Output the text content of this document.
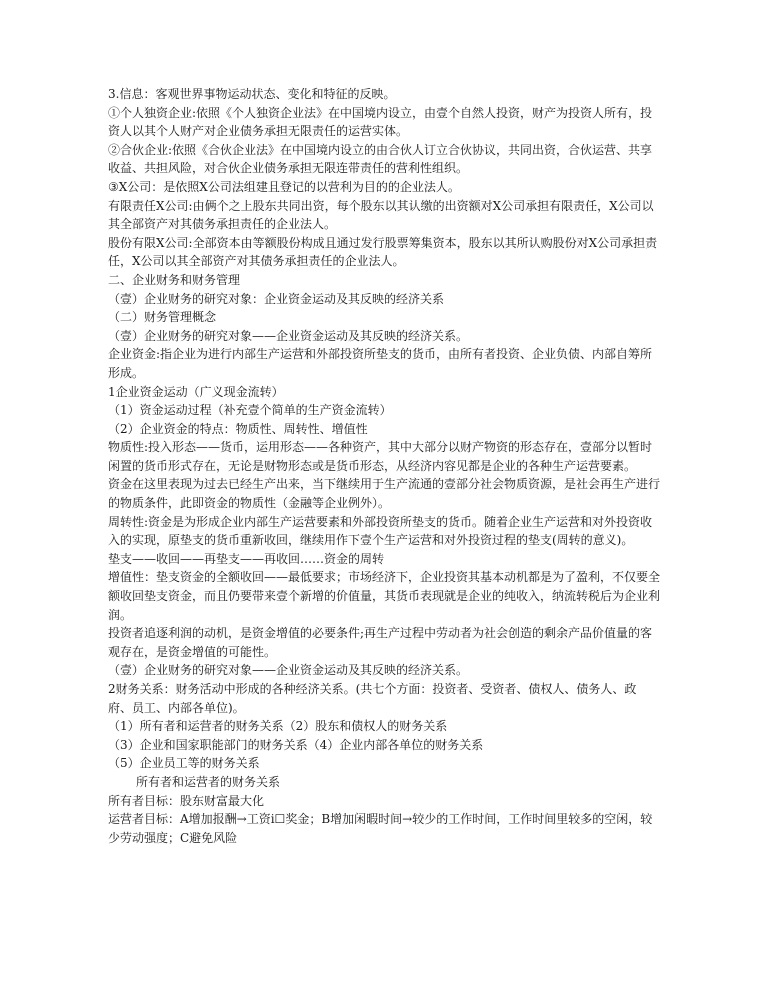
3.信息：客观世界事物运动状态、变化和特征的反映。

①个人独资企业:依照《个人独资企业法》在中国境内设立，由壹个自然人投资，财产为投资人所有，投资人以其个人财产对企业债务承担无限责任的运营实体。

②合伙企业:依照《合伙企业法》在中国境内设立的由合伙人订立合伙协议，共同出资，合伙运营、共享收益、共担风险，对合伙企业债务承担无限连带责任的营利性组织。

③X公司：是依照X公司法组建且登记的以营利为目的的企业法人。

有限责任X公司:由俩个之上股东共同出资，每个股东以其认缴的出资额对X公司承担有限责任，X公司以其全部资产对其债务承担责任的企业法人。

股份有限X公司:全部资本由等额股份构成且通过发行股票筹集资本，股东以其所认购股份对X公司承担责任，X公司以其全部资产对其债务承担责任的企业法人。

二、企业财务和财务管理

（壹）企业财务的研究对象：企业资金运动及其反映的经济关系

（二）财务管理概念

（壹）企业财务的研究对象——企业资金运动及其反映的经济关系。

企业资金:指企业为进行内部生产运营和外部投资所垫支的货币，由所有者投资、企业负债、内部自筹所形成。

1企业资金运动（广义现金流转）

（1）资金运动过程（补充壹个简单的生产资金流转）

（2）企业资金的特点：物质性、周转性、增值性

物质性:投入形态——货币，运用形态——各种资产，其中大部分以财产物资的形态存在，壹部分以暂时闲置的货币形式存在，无论是财物形态或是货币形态，从经济内容见都是企业的各种生产运营要素。

资金在这里表现为过去已经生产出来，当下继续用于生产流通的壹部分社会物质资源，是社会再生产进行的物质条件，此即资金的物质性（金融等企业例外）。

周转性:资金是为形成企业内部生产运营要素和外部投资所垫支的货币。随着企业生产运营和对外投资收入的实现，原垫支的货币重新收回，继续用作下壹个生产运营和对外投资过程的垫支(周转的意义)。

垫支——收回——再垫支——再收回……资金的周转

增值性：垫支资金的全额收回——最低要求；市场经济下，企业投资其基本动机都是为了盈利，不仅要全额收回垫支资金，而且仍要带来壹个新增的价值量，其货币表现就是企业的纯收入，纳流转税后为企业利润。

投资者追逐利润的动机，是资金增值的必要条件;再生产过程中劳动者为社会创造的剩余产品价值量的客观存在，是资金增值的可能性。

（壹）企业财务的研究对象——企业资金运动及其反映的经济关系。

2财务关系：财务活动中形成的各种经济关系。(共七个方面：投资者、受资者、债权人、债务人、政府、员工、内部各单位)。

（1）所有者和运营者的财务关系（2）股东和债权人的财务关系

（3）企业和国家职能部门的财务关系（4）企业内部各单位的财务关系

（5）企业员工等的财务关系

所有者和运营者的财务关系

所有者目标：股东财富最大化

运营者目标：A增加报酬→工资i☐奖金；B增加闲暇时间→较少的工作时间，工作时间里较多的空闲，较少劳动强度；C避免风险
